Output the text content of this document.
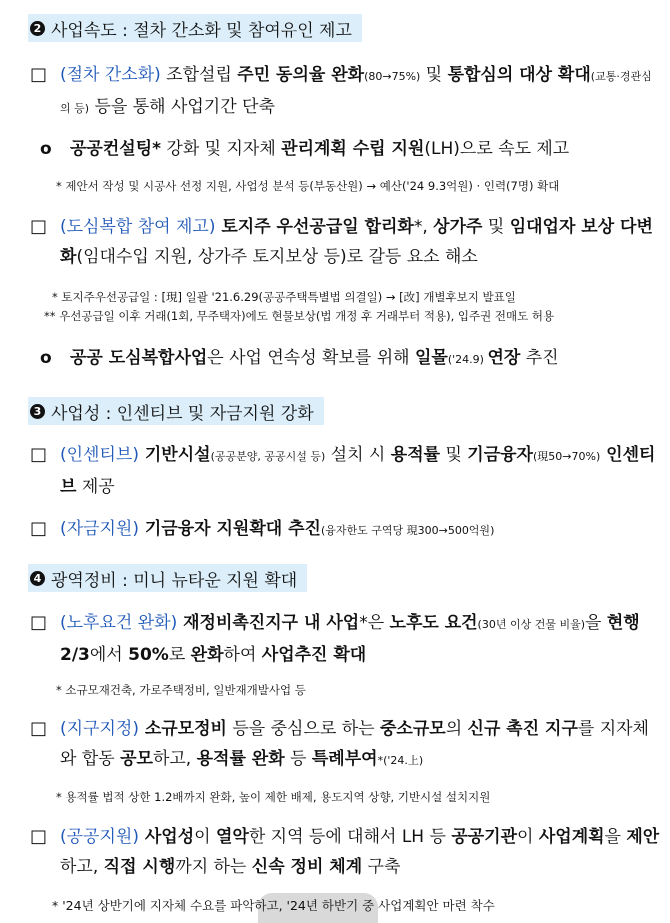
2 사업속도 : 절차 간소화 및 참여유인 제고
□ (절차 간소화) 조합설립 주민 동의율 완화(80→75%) 및 통합심의 대상 확대(교통·경관심의 등) 등을 통해 사업기간 단축
ο 공공컨설팅* 강화 및 지자체 관리계획 수립 지원(LH)으로 속도 제고
* 제안서 작성 및 시공사 선정 지원, 사업성 분석 등(부동산원) → 예산('24 9.3억원) · 인력(7명) 확대
□ (도심복합 참여 제고) 토지주 우선공급일 합리화*, 상가주 및 임대업자 보상 다변화(임대수입 지원, 상가주 토지보상 등)로 갈등 요소 해소
* 토지주우선공급일 : [現] 일괄 '21.6.29(공공주택특별법 의결일) → [改] 개별후보지 발표일
** 우선공급일 이후 거래(1회, 무주택자)에도 현물보상(법 개정 후 거래부터 적용), 입주권 전매도 허용
ο 공공 도심복합사업은 사업 연속성 확보를 위해 일몰('24.9) 연장 추진
3 사업성 : 인센티브 및 자금지원 강화
□ (인센티브) 기반시설(공공분양, 공공시설 등) 설치 시 용적률 및 기금융자(現50→70%) 인센티브 제공
□ (자금지원) 기금융자 지원확대 추진(융자한도 구역당 現300→500억원)
4 광역정비 : 미니 뉴타운 지원 확대
□ (노후요건 완화) 재정비촉진지구 내 사업*은 노후도 요건(30년 이상 건물 비율)을 현행 2/3에서 50%로 완화하여 사업추진 확대
* 소규모재건축, 가로주택정비, 일반재개발사업 등
□ (지구지정) 소규모정비 등을 중심으로 하는 중소규모의 신규 촉진 지구를 지자체와 합동 공모하고, 용적률 완화 등 특례부여*('24.上)
* 용적률 법적 상한 1.2배까지 완화, 높이 제한 배제, 용도지역 상향, 기반시설 설치지원
□ (공공지원) 사업성이 열악한 지역 등에 대해서 LH 등 공공기관이 사업계획을 제안하고, 직접 시행까지 하는 신속 정비 체계 구축
* '24년 상반기에 지자체 수요를 파악하고, '24년 하반기 중 사업계획안 마련 착수
